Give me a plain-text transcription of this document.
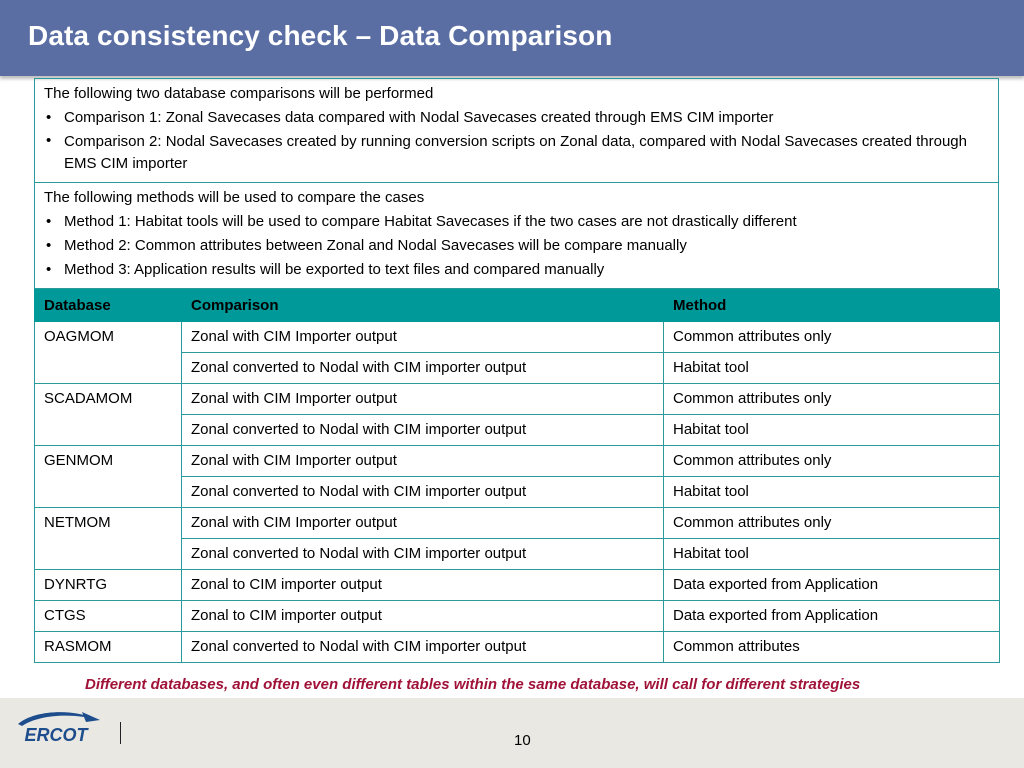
Data consistency check – Data Comparison
The following two database comparisons will be performed
• Comparison 1: Zonal Savecases data compared with Nodal Savecases created through EMS CIM importer
• Comparison 2: Nodal Savecases created by running conversion scripts on Zonal data, compared with Nodal Savecases created through EMS CIM importer
The following methods will be used to compare the cases
• Method 1: Habitat tools will be used to compare Habitat Savecases if the two cases are not drastically different
• Method 2: Common attributes between Zonal and Nodal Savecases will be compare manually
• Method 3: Application results will be exported to text files and compared manually
Database	Comparison	Method
OAGMOM	Zonal with CIM Importer output	Common attributes only
	Zonal converted to Nodal with CIM importer output	Habitat tool
SCADAMOM	Zonal with CIM Importer output	Common attributes only
	Zonal converted to Nodal with CIM importer output	Habitat tool
GENMOM	Zonal with CIM Importer output	Common attributes only
	Zonal converted to Nodal with CIM importer output	Habitat tool
NETMOM	Zonal with CIM Importer output	Common attributes only
	Zonal converted to Nodal with CIM importer output	Habitat tool
DYNRTG	Zonal to CIM importer output	Data exported from Application
CTGS	Zonal to CIM importer output	Data exported from Application
RASMOM	Zonal converted to Nodal with CIM importer output	Common attributes
Different databases, and often even different tables within the same database, will call for different strategies
ERCOT	10
